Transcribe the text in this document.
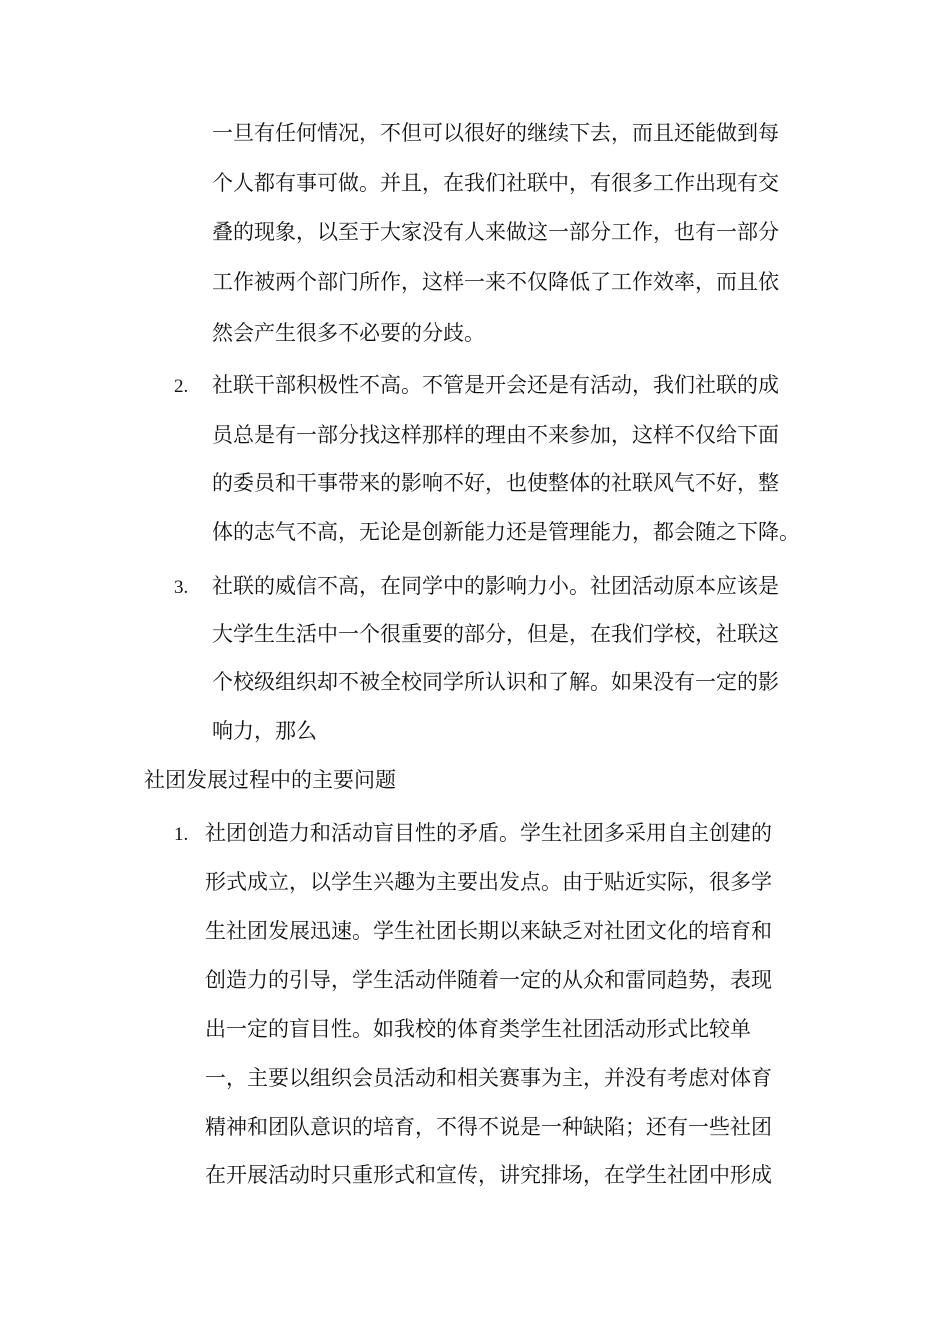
一旦有任何情况，不但可以很好的继续下去，而且还能做到每
个人都有事可做。并且，在我们社联中，有很多工作出现有交
叠的现象，以至于大家没有人来做这一部分工作，也有一部分
工作被两个部门所作，这样一来不仅降低了工作效率，而且依
然会产生很多不必要的分歧。
2. 社联干部积极性不高。不管是开会还是有活动，我们社联的成
员总是有一部分找这样那样的理由不来参加，这样不仅给下面
的委员和干事带来的影响不好，也使整体的社联风气不好，整
体的志气不高，无论是创新能力还是管理能力，都会随之下降。
3. 社联的威信不高，在同学中的影响力小。社团活动原本应该是
大学生生活中一个很重要的部分，但是，在我们学校，社联这
个校级组织却不被全校同学所认识和了解。如果没有一定的影
响力，那么
社团发展过程中的主要问题
1. 社团创造力和活动盲目性的矛盾。学生社团多采用自主创建的
形式成立，以学生兴趣为主要出发点。由于贴近实际，很多学
生社团发展迅速。学生社团长期以来缺乏对社团文化的培育和
创造力的引导，学生活动伴随着一定的从众和雷同趋势，表现
出一定的盲目性。如我校的体育类学生社团活动形式比较单
一，主要以组织会员活动和相关赛事为主，并没有考虑对体育
精神和团队意识的培育，不得不说是一种缺陷；还有一些社团
在开展活动时只重形式和宣传，讲究排场，在学生社团中形成
